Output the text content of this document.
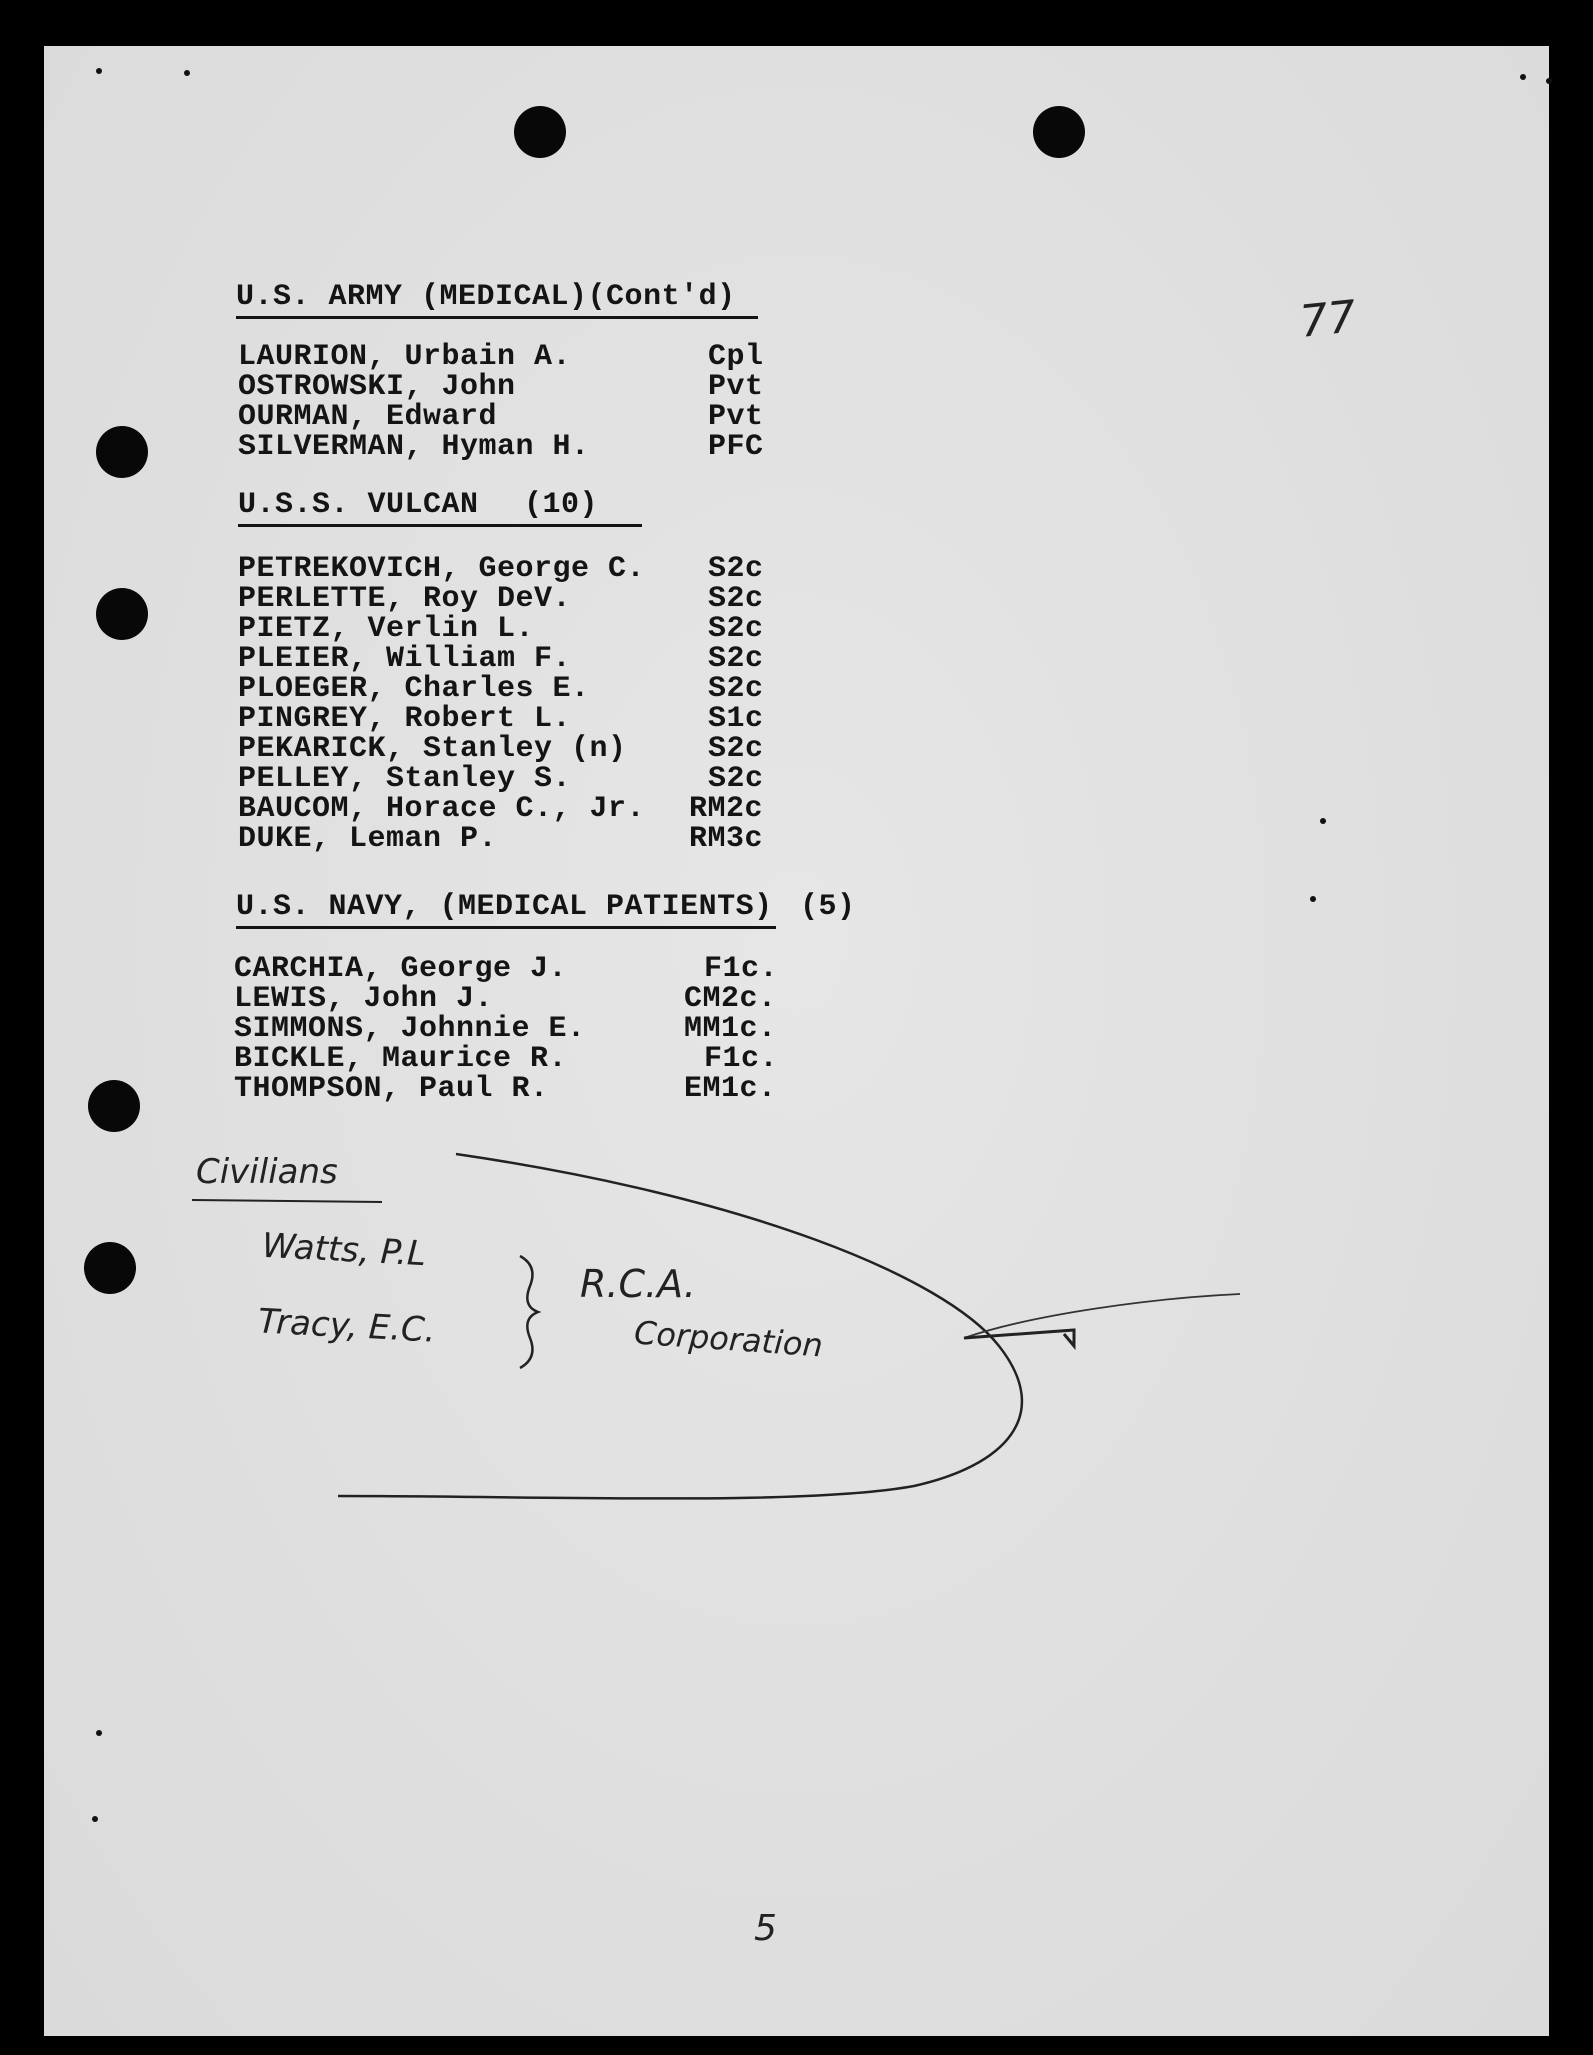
U.S. ARMY (MEDICAL)(Cont'd)
LAURION, Urbain A.	Cpl
OSTROWSKI, John	Pvt
OURMAN, Edward	Pvt
SILVERMAN, Hyman H.	PFC
U.S.S. VULCAN (10)
PETREKOVICH, George C. S2c
PERLETTE, Roy DeV.	S2c
PIETZ, Verlin L.	S2c
PLEIER, William F.	S2c
PLOEGER, Charles E.	S2c
PINGREY, Robert L.	S1c
PEKARICK, Stanley (n)	S2c
PELLEY, Stanley S.	S2c
BAUCOM, Horace C., Jr. RM2c
DUKE, Leman P.	RM3c
U.S. NAVY, (MEDICAL PATIENTS) (5)
CARCHIA, George J.	F1c.
LEWIS, John J.	CM2c.
SIMMONS, Johnnie E.	MM1c.
BICKLE, Maurice R.	F1c.
THOMPSON, Paul R.	EM1c.
77
Civilians
Watts, P.L
Tracy, E.C.
R.C.A.
Corporation
5
